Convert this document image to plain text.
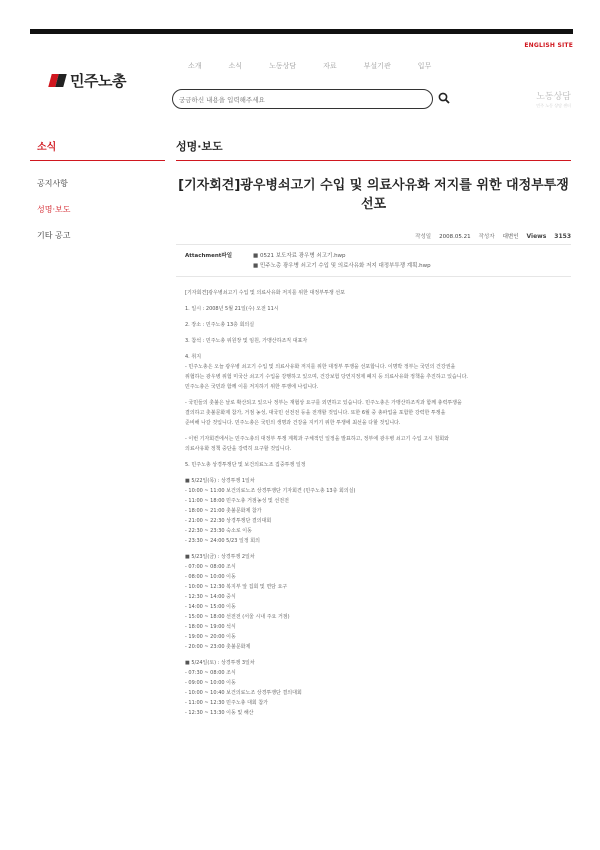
ENGLISH SITE
민주노총
소개	소식	노동상담	자료	부설기관	입무
궁금하신 내용을 입력해주세요	노동상담
민주 노동 상담 센터
소식
공지사항
성명·보도
기타 공고
성명·보도
[기자회견]광우병쇠고기 수입 및 의료사유화 저지를 위한 대정부투쟁 선포
작성일 2008.05.21 작성자 대변인 Views 3153
Attachment파일	■ 0521 보도자료 광우병 쇠고기.hwp
■ 민주노총 광우병 쇠고기 수입 및 의료사유화 저지 대정부투쟁 계획.hwp
[기자회견]광우병쇠고기 수입 및 의료사유화 저지를 위한 대정부투쟁 선포
1. 일시 : 2008년 5월 21일(수) 오전 11시
2. 장소 : 민주노총 13층 회의실
3. 참석 : 민주노총 위원장 및 임원, 가맹산하조직 대표자
4. 취지
- 민주노총은 오늘 광우병 쇠고기 수입 및 의료사유화 저지를 위한 대정부 투쟁을 선포합니다. 이명박 정부는 국민의 건강권을
위협하는 광우병 위험 미국산 쇠고기 수입을 강행하고 있으며, 건강보험 당연지정제 폐지 등 의료사유화 정책을 추진하고 있습니다.
민주노총은 국민과 함께 이를 저지하기 위한 투쟁에 나섭니다.
- 국민들의 촛불은 날로 확산되고 있으나 정부는 재협상 요구를 외면하고 있습니다. 민주노총은 가맹산하조직과 함께 총력투쟁을
결의하고 촛불문화제 참가, 거점 농성, 대국민 선전전 등을 전개할 것입니다. 또한 6월 중 총파업을 포함한 강력한 투쟁을
준비해 나갈 것입니다. 민주노총은 국민의 생명과 건강을 지키기 위한 투쟁에 최선을 다할 것입니다.
- 이번 기자회견에서는 민주노총의 대정부 투쟁 계획과 구체적인 일정을 발표하고, 정부에 광우병 쇠고기 수입 고시 철회와
의료사유화 정책 중단을 강력히 요구할 것입니다.
5. 민주노총 상경투쟁단 및 보건의료노조 집중투쟁 일정
■ 5/22일(목) : 상경투쟁 1일차
- 10:00 ~ 11:00 보건의료노조 상경투쟁단 기자회견 (민주노총 13층 회의실)
- 11:00 ~ 18:00 민주노총 거점농성 및 선전전
- 18:00 ~ 21:00 촛불문화제 참가
- 21:00 ~ 22:30 상경투쟁단 결의대회
- 22:30 ~ 23:30 숙소로 이동
- 23:30 ~ 24:00 5/23 일정 회의
■ 5/23일(금) : 상경투쟁 2일차
- 07:00 ~ 08:00 조식
- 08:00 ~ 10:00 이동
- 10:00 ~ 12:30 복지부 앞 집회 및 면담 요구
- 12:30 ~ 14:00 중식
- 14:00 ~ 15:00 이동
- 15:00 ~ 18:00 선전전 (서울 시내 주요 거점)
- 18:00 ~ 19:00 석식
- 19:00 ~ 20:00 이동
- 20:00 ~ 23:00 촛불문화제
■ 5/24일(토) : 상경투쟁 3일차
- 07:30 ~ 08:00 조식
- 09:00 ~ 10:00 이동
- 10:00 ~ 10:40 보건의료노조 상경투쟁단 결의대회
- 11:00 ~ 12:30 민주노총 대회 참가
- 12:30 ~ 13:30 이동 및 해산
